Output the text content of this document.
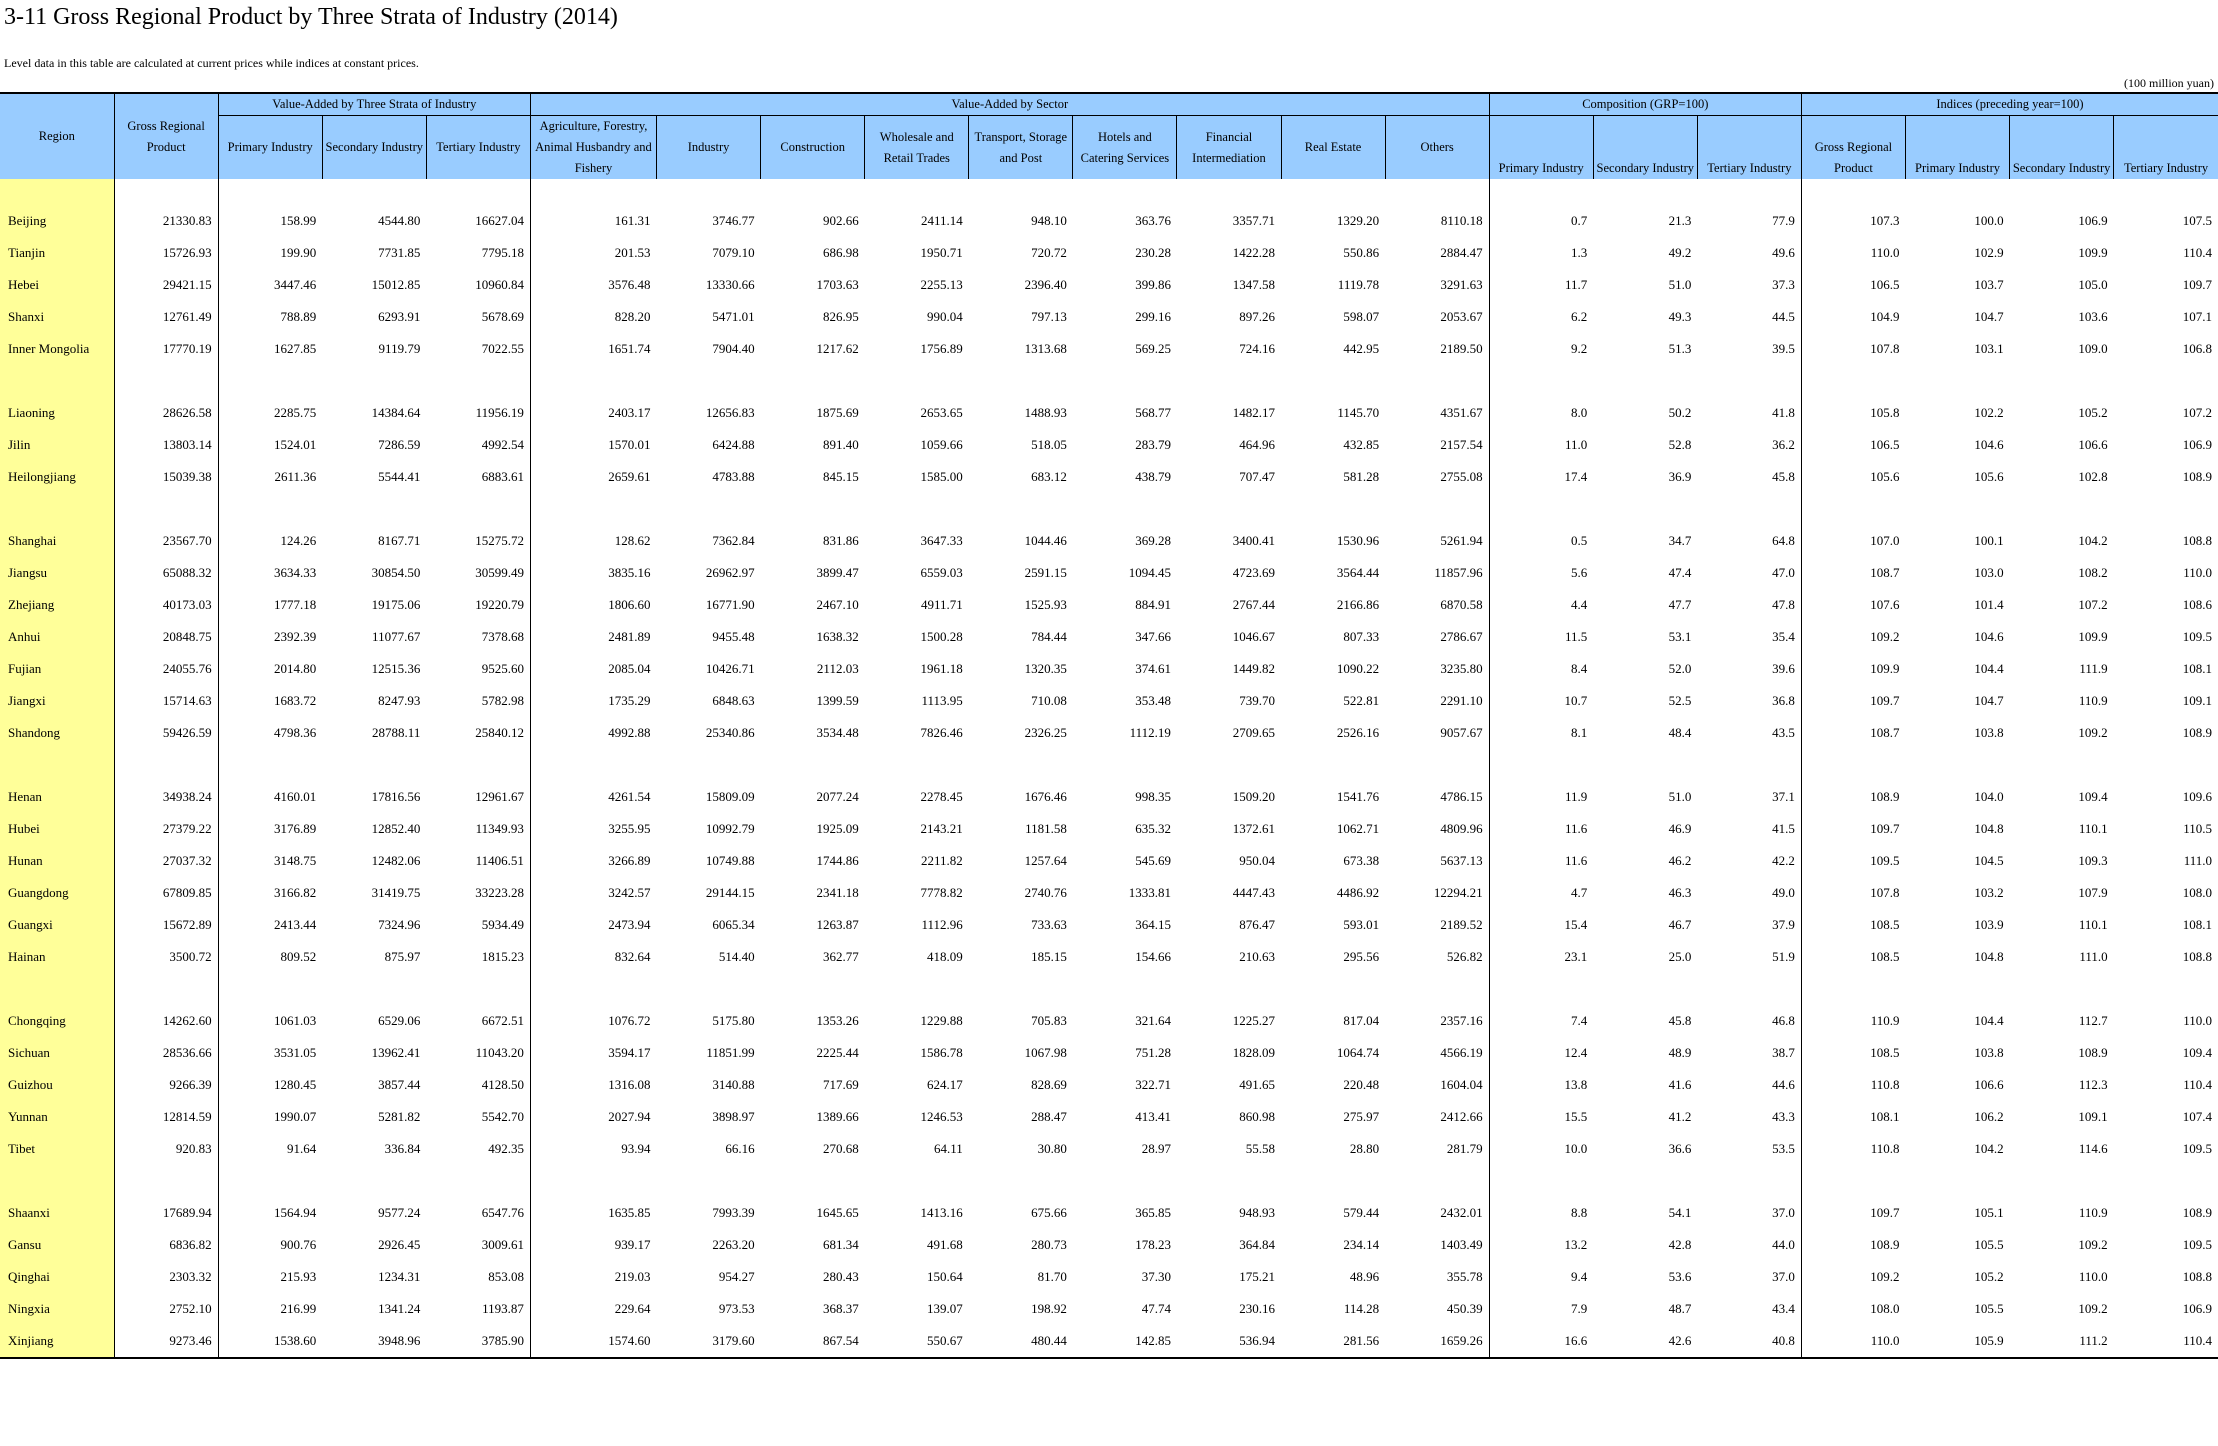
3-11 Gross Regional Product by Three Strata of Industry (2014)
Level data in this table are calculated at current prices while indices at constant prices.
(100 million yuan)
Region	Gross Regional Product	Value-Added by Three Strata of Industry			Value-Added by Sector									Composition (GRP=100)			Indices (preceding year=100)			
		Primary Industry	Secondary Industry	Tertiary Industry	Agriculture, Forestry, Animal Husbandry and Fishery	Industry	Construction	Wholesale and Retail Trades	Transport, Storage and Post	Hotels and Catering Services	Financial Intermediation	Real Estate	Others							
														Primary Industry	Secondary Industry	Tertiary Industry	Gross Regional Product	Primary Industry	Secondary Industry	Tertiary Industry

Beijing	21330.83	158.99	4544.80	16627.04	161.31	3746.77	902.66	2411.14	948.10	363.76	3357.71	1329.20	8110.18	0.7	21.3	77.9	107.3	100.0	106.9	107.5
Tianjin	15726.93	199.90	7731.85	7795.18	201.53	7079.10	686.98	1950.71	720.72	230.28	1422.28	550.86	2884.47	1.3	49.2	49.6	110.0	102.9	109.9	110.4
Hebei	29421.15	3447.46	15012.85	10960.84	3576.48	13330.66	1703.63	2255.13	2396.40	399.86	1347.58	1119.78	3291.63	11.7	51.0	37.3	106.5	103.7	105.0	109.7
Shanxi	12761.49	788.89	6293.91	5678.69	828.20	5471.01	826.95	990.04	797.13	299.16	897.26	598.07	2053.67	6.2	49.3	44.5	104.9	104.7	103.6	107.1
Inner Mongolia	17770.19	1627.85	9119.79	7022.55	1651.74	7904.40	1217.62	1756.89	1313.68	569.25	724.16	442.95	2189.50	9.2	51.3	39.5	107.8	103.1	109.0	106.8

Liaoning	28626.58	2285.75	14384.64	11956.19	2403.17	12656.83	1875.69	2653.65	1488.93	568.77	1482.17	1145.70	4351.67	8.0	50.2	41.8	105.8	102.2	105.2	107.2
Jilin	13803.14	1524.01	7286.59	4992.54	1570.01	6424.88	891.40	1059.66	518.05	283.79	464.96	432.85	2157.54	11.0	52.8	36.2	106.5	104.6	106.6	106.9
Heilongjiang	15039.38	2611.36	5544.41	6883.61	2659.61	4783.88	845.15	1585.00	683.12	438.79	707.47	581.28	2755.08	17.4	36.9	45.8	105.6	105.6	102.8	108.9

Shanghai	23567.70	124.26	8167.71	15275.72	128.62	7362.84	831.86	3647.33	1044.46	369.28	3400.41	1530.96	5261.94	0.5	34.7	64.8	107.0	100.1	104.2	108.8
Jiangsu	65088.32	3634.33	30854.50	30599.49	3835.16	26962.97	3899.47	6559.03	2591.15	1094.45	4723.69	3564.44	11857.96	5.6	47.4	47.0	108.7	103.0	108.2	110.0
Zhejiang	40173.03	1777.18	19175.06	19220.79	1806.60	16771.90	2467.10	4911.71	1525.93	884.91	2767.44	2166.86	6870.58	4.4	47.7	47.8	107.6	101.4	107.2	108.6
Anhui	20848.75	2392.39	11077.67	7378.68	2481.89	9455.48	1638.32	1500.28	784.44	347.66	1046.67	807.33	2786.67	11.5	53.1	35.4	109.2	104.6	109.9	109.5
Fujian	24055.76	2014.80	12515.36	9525.60	2085.04	10426.71	2112.03	1961.18	1320.35	374.61	1449.82	1090.22	3235.80	8.4	52.0	39.6	109.9	104.4	111.9	108.1
Jiangxi	15714.63	1683.72	8247.93	5782.98	1735.29	6848.63	1399.59	1113.95	710.08	353.48	739.70	522.81	2291.10	10.7	52.5	36.8	109.7	104.7	110.9	109.1
Shandong	59426.59	4798.36	28788.11	25840.12	4992.88	25340.86	3534.48	7826.46	2326.25	1112.19	2709.65	2526.16	9057.67	8.1	48.4	43.5	108.7	103.8	109.2	108.9

Henan	34938.24	4160.01	17816.56	12961.67	4261.54	15809.09	2077.24	2278.45	1676.46	998.35	1509.20	1541.76	4786.15	11.9	51.0	37.1	108.9	104.0	109.4	109.6
Hubei	27379.22	3176.89	12852.40	11349.93	3255.95	10992.79	1925.09	2143.21	1181.58	635.32	1372.61	1062.71	4809.96	11.6	46.9	41.5	109.7	104.8	110.1	110.5
Hunan	27037.32	3148.75	12482.06	11406.51	3266.89	10749.88	1744.86	2211.82	1257.64	545.69	950.04	673.38	5637.13	11.6	46.2	42.2	109.5	104.5	109.3	111.0
Guangdong	67809.85	3166.82	31419.75	33223.28	3242.57	29144.15	2341.18	7778.82	2740.76	1333.81	4447.43	4486.92	12294.21	4.7	46.3	49.0	107.8	103.2	107.9	108.0
Guangxi	15672.89	2413.44	7324.96	5934.49	2473.94	6065.34	1263.87	1112.96	733.63	364.15	876.47	593.01	2189.52	15.4	46.7	37.9	108.5	103.9	110.1	108.1
Hainan	3500.72	809.52	875.97	1815.23	832.64	514.40	362.77	418.09	185.15	154.66	210.63	295.56	526.82	23.1	25.0	51.9	108.5	104.8	111.0	108.8

Chongqing	14262.60	1061.03	6529.06	6672.51	1076.72	5175.80	1353.26	1229.88	705.83	321.64	1225.27	817.04	2357.16	7.4	45.8	46.8	110.9	104.4	112.7	110.0
Sichuan	28536.66	3531.05	13962.41	11043.20	3594.17	11851.99	2225.44	1586.78	1067.98	751.28	1828.09	1064.74	4566.19	12.4	48.9	38.7	108.5	103.8	108.9	109.4
Guizhou	9266.39	1280.45	3857.44	4128.50	1316.08	3140.88	717.69	624.17	828.69	322.71	491.65	220.48	1604.04	13.8	41.6	44.6	110.8	106.6	112.3	110.4
Yunnan	12814.59	1990.07	5281.82	5542.70	2027.94	3898.97	1389.66	1246.53	288.47	413.41	860.98	275.97	2412.66	15.5	41.2	43.3	108.1	106.2	109.1	107.4
Tibet	920.83	91.64	336.84	492.35	93.94	66.16	270.68	64.11	30.80	28.97	55.58	28.80	281.79	10.0	36.6	53.5	110.8	104.2	114.6	109.5

Shaanxi	17689.94	1564.94	9577.24	6547.76	1635.85	7993.39	1645.65	1413.16	675.66	365.85	948.93	579.44	2432.01	8.8	54.1	37.0	109.7	105.1	110.9	108.9
Gansu	6836.82	900.76	2926.45	3009.61	939.17	2263.20	681.34	491.68	280.73	178.23	364.84	234.14	1403.49	13.2	42.8	44.0	108.9	105.5	109.2	109.5
Qinghai	2303.32	215.93	1234.31	853.08	219.03	954.27	280.43	150.64	81.70	37.30	175.21	48.96	355.78	9.4	53.6	37.0	109.2	105.2	110.0	108.8
Ningxia	2752.10	216.99	1341.24	1193.87	229.64	973.53	368.37	139.07	198.92	47.74	230.16	114.28	450.39	7.9	48.7	43.4	108.0	105.5	109.2	106.9
Xinjiang	9273.46	1538.60	3948.96	3785.90	1574.60	3179.60	867.54	550.67	480.44	142.85	536.94	281.56	1659.26	16.6	42.6	40.8	110.0	105.9	111.2	110.4
